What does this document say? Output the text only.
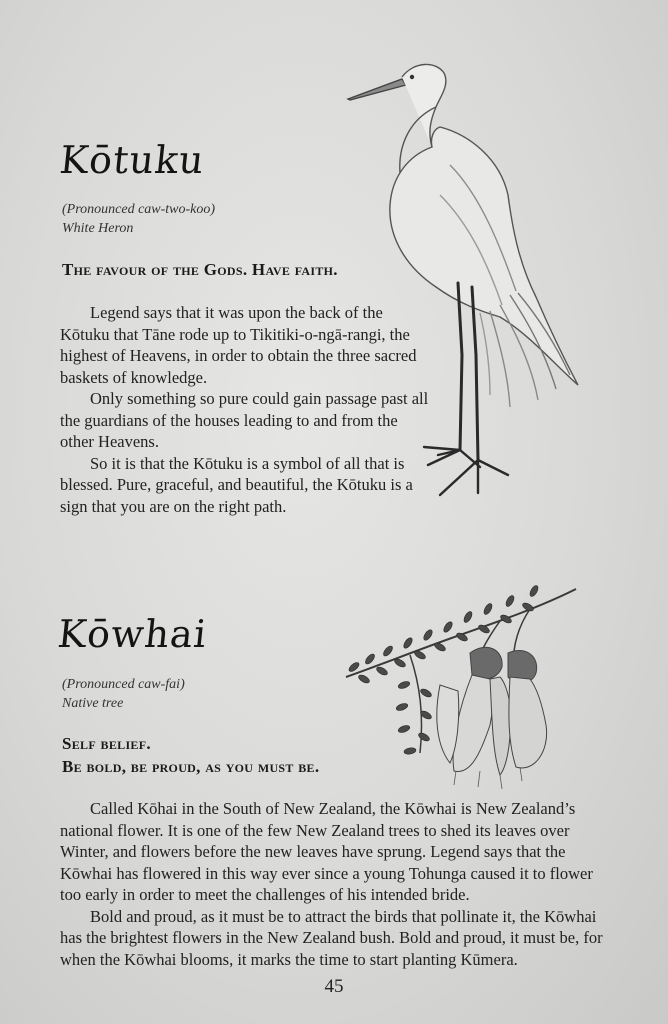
Kōtuku
(Pronounced caw-two-koo)
White Heron
The favour of the Gods. Have faith.

Legend says that it was upon the back of the Kōtuku that Tāne rode up to Tikitiki-o-ngā-rangi, the highest of Heavens, in order to obtain the three sacred baskets of knowledge.

Only something so pure could gain passage past all the guardians of the houses leading to and from the other Heavens.

So it is that the Kōtuku is a symbol of all that is blessed. Pure, graceful, and beautiful, the Kōtuku is a sign that you are on the right path.

Kōwhai
(Pronounced caw-fai)
Native tree
Self belief.
Be bold, be proud, as you must be.

Called Kōhai in the South of New Zealand, the Kōwhai is New Zealand’s national flower. It is one of the few New Zealand trees to shed its leaves over Winter, and flowers before the new leaves have sprung. Legend says that the Kōwhai has flowered in this way ever since a young Tohunga caused it to flower too early in order to meet the challenges of his intended bride.

Bold and proud, as it must be to attract the birds that pollinate it, the Kōwhai has the brightest flowers in the New Zealand bush. Bold and proud, it must be, for when the Kōwhai blooms, it marks the time to start planting Kūmera.

45
